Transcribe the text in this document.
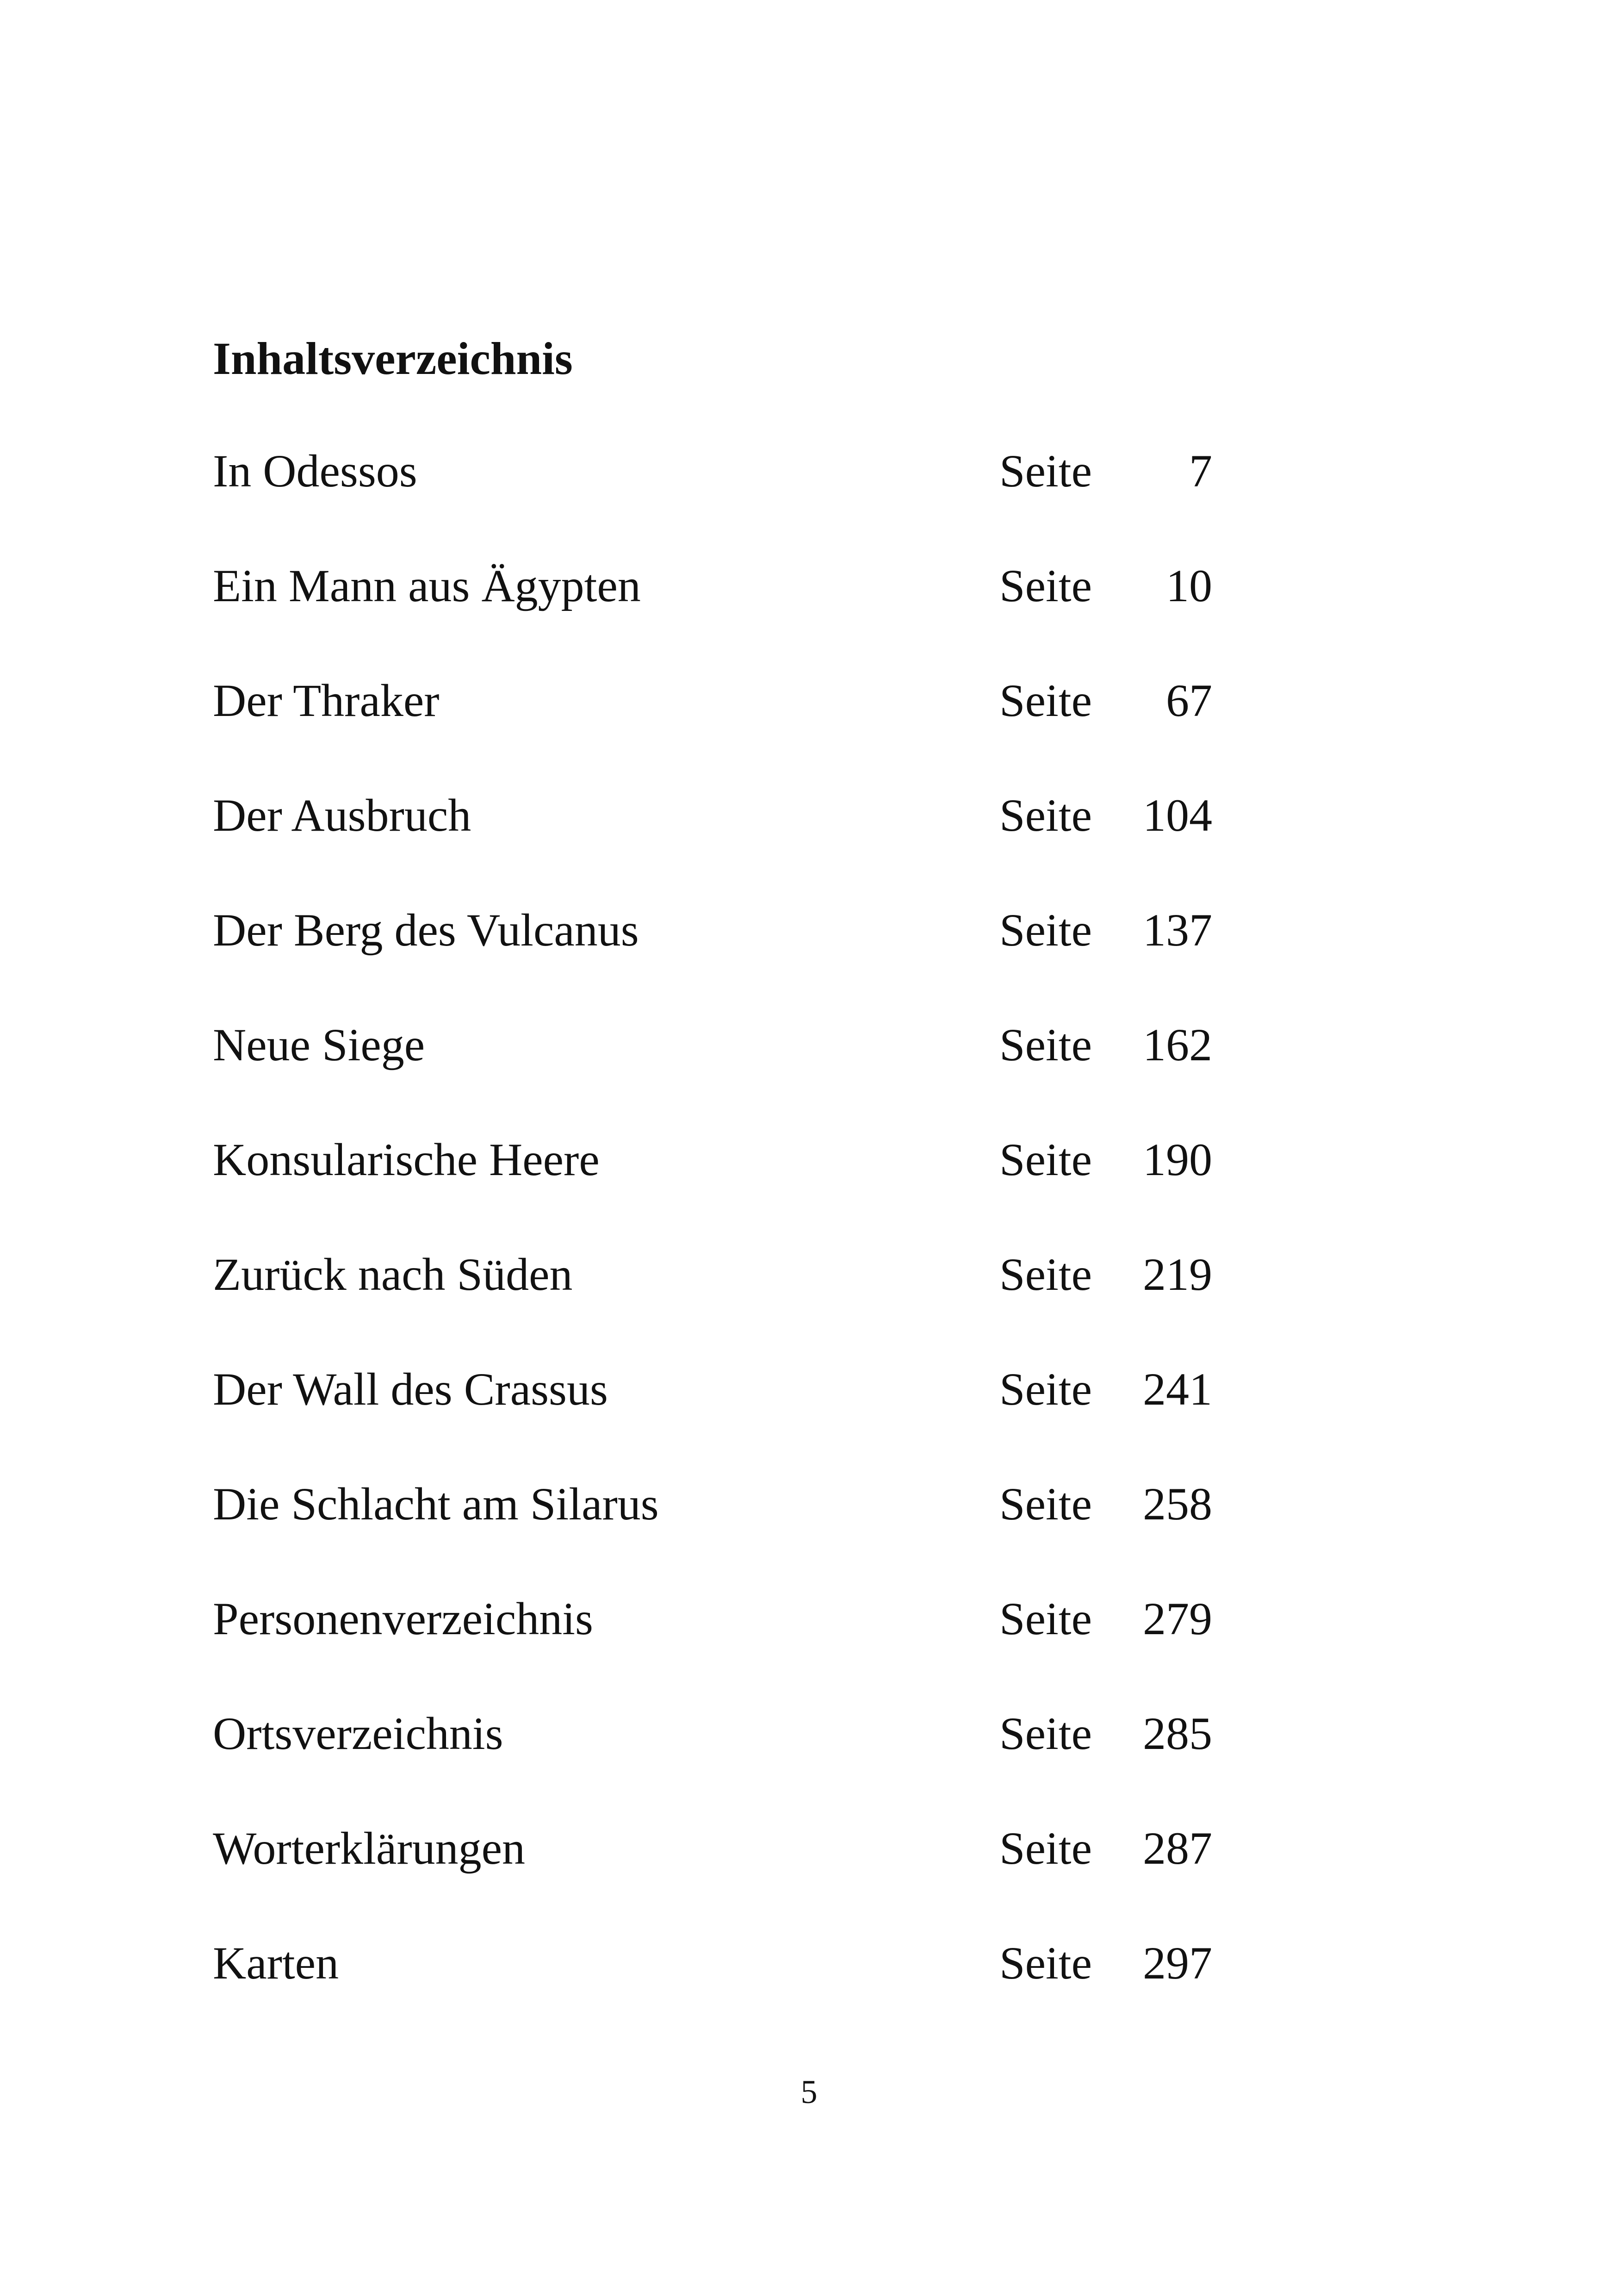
Inhaltsverzeichnis
In Odessos	Seite	7
Ein Mann aus Ägypten	Seite	10
Der Thraker	Seite	67
Der Ausbruch	Seite	104
Der Berg des Vulcanus	Seite	137
Neue Siege	Seite	162
Konsularische Heere	Seite	190
Zurück nach Süden	Seite	219
Der Wall des Crassus	Seite	241
Die Schlacht am Silarus	Seite	258
Personenverzeichnis	Seite	279
Ortsverzeichnis	Seite	285
Worterklärungen	Seite	287
Karten	Seite	297
5
